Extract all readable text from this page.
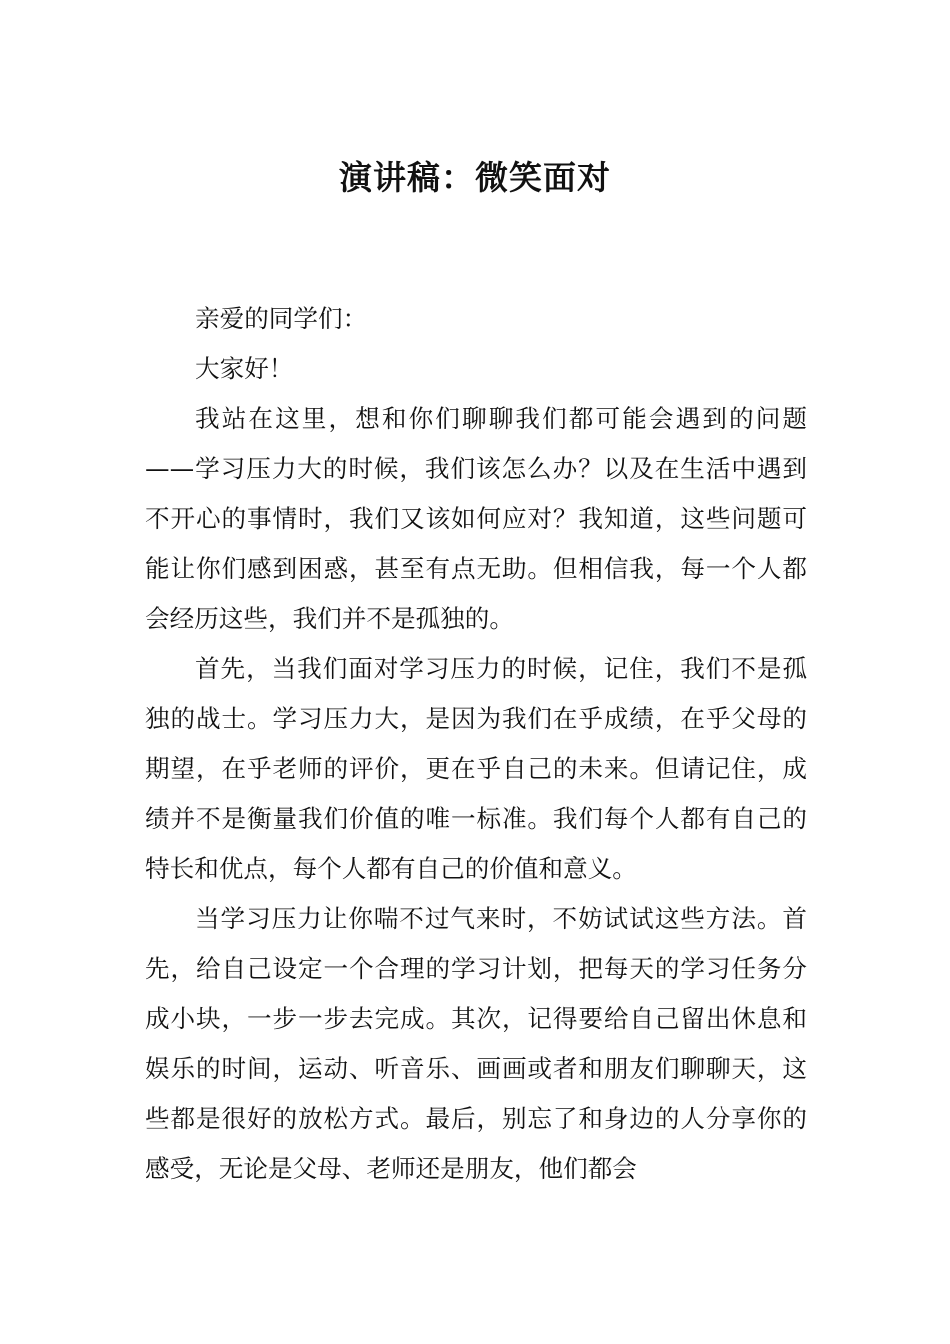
演讲稿：微笑面对

亲爱的同学们：

大家好！

我站在这里，想和你们聊聊我们都可能会遇到的问题——学习压力大的时候，我们该怎么办？以及在生活中遇到不开心的事情时，我们又该如何应对？我知道，这些问题可能让你们感到困惑，甚至有点无助。但相信我，每一个人都会经历这些，我们并不是孤独的。

首先，当我们面对学习压力的时候，记住，我们不是孤独的战士。学习压力大，是因为我们在乎成绩，在乎父母的期望，在乎老师的评价，更在乎自己的未来。但请记住，成绩并不是衡量我们价值的唯一标准。我们每个人都有自己的特长和优点，每个人都有自己的价值和意义。

当学习压力让你喘不过气来时，不妨试试这些方法。首先，给自己设定一个合理的学习计划，把每天的学习任务分成小块，一步一步去完成。其次，记得要给自己留出休息和娱乐的时间，运动、听音乐、画画或者和朋友们聊聊天，这些都是很好的放松方式。最后，别忘了和身边的人分享你的感受，无论是父母、老师还是朋友，他们都会
